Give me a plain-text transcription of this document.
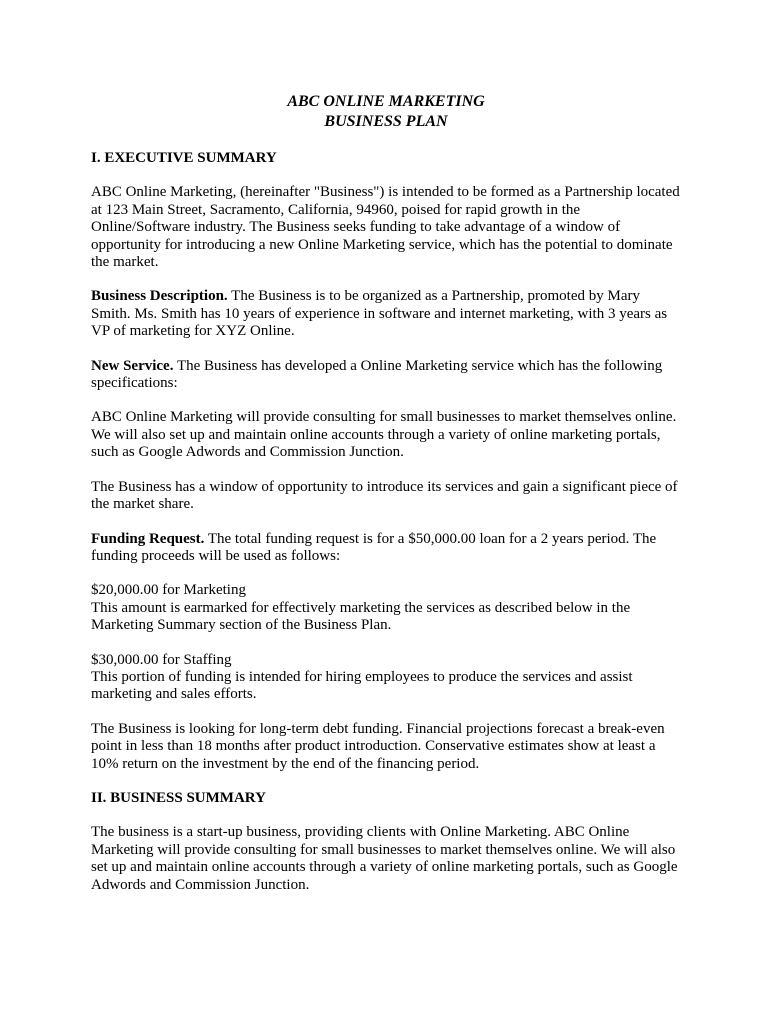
ABC ONLINE MARKETING
BUSINESS PLAN
I. EXECUTIVE SUMMARY

ABC Online Marketing, (hereinafter "Business") is intended to be formed as a Partnership located at 123 Main Street, Sacramento, California, 94960, poised for rapid growth in the Online/Software industry. The Business seeks funding to take advantage of a window of opportunity for introducing a new Online Marketing service, which has the potential to dominate the market.

Business Description. The Business is to be organized as a Partnership, promoted by Mary Smith. Ms. Smith has 10 years of experience in software and internet marketing, with 3 years as VP of marketing for XYZ Online.

New Service. The Business has developed a Online Marketing service which has the following specifications:

ABC Online Marketing will provide consulting for small businesses to market themselves online. We will also set up and maintain online accounts through a variety of online marketing portals, such as Google Adwords and Commission Junction.

The Business has a window of opportunity to introduce its services and gain a significant piece of the market share.

Funding Request. The total funding request is for a $50,000.00 loan for a 2 years period. The funding proceeds will be used as follows:

$20,000.00 for Marketing
This amount is earmarked for effectively marketing the services as described below in the Marketing Summary section of the Business Plan.

$30,000.00 for Staffing
This portion of funding is intended for hiring employees to produce the services and assist marketing and sales efforts.

The Business is looking for long-term debt funding. Financial projections forecast a break-even point in less than 18 months after product introduction. Conservative estimates show at least a 10% return on the investment by the end of the financing period.

II. BUSINESS SUMMARY

The business is a start-up business, providing clients with Online Marketing. ABC Online Marketing will provide consulting for small businesses to market themselves online. We will also set up and maintain online accounts through a variety of online marketing portals, such as Google Adwords and Commission Junction.
